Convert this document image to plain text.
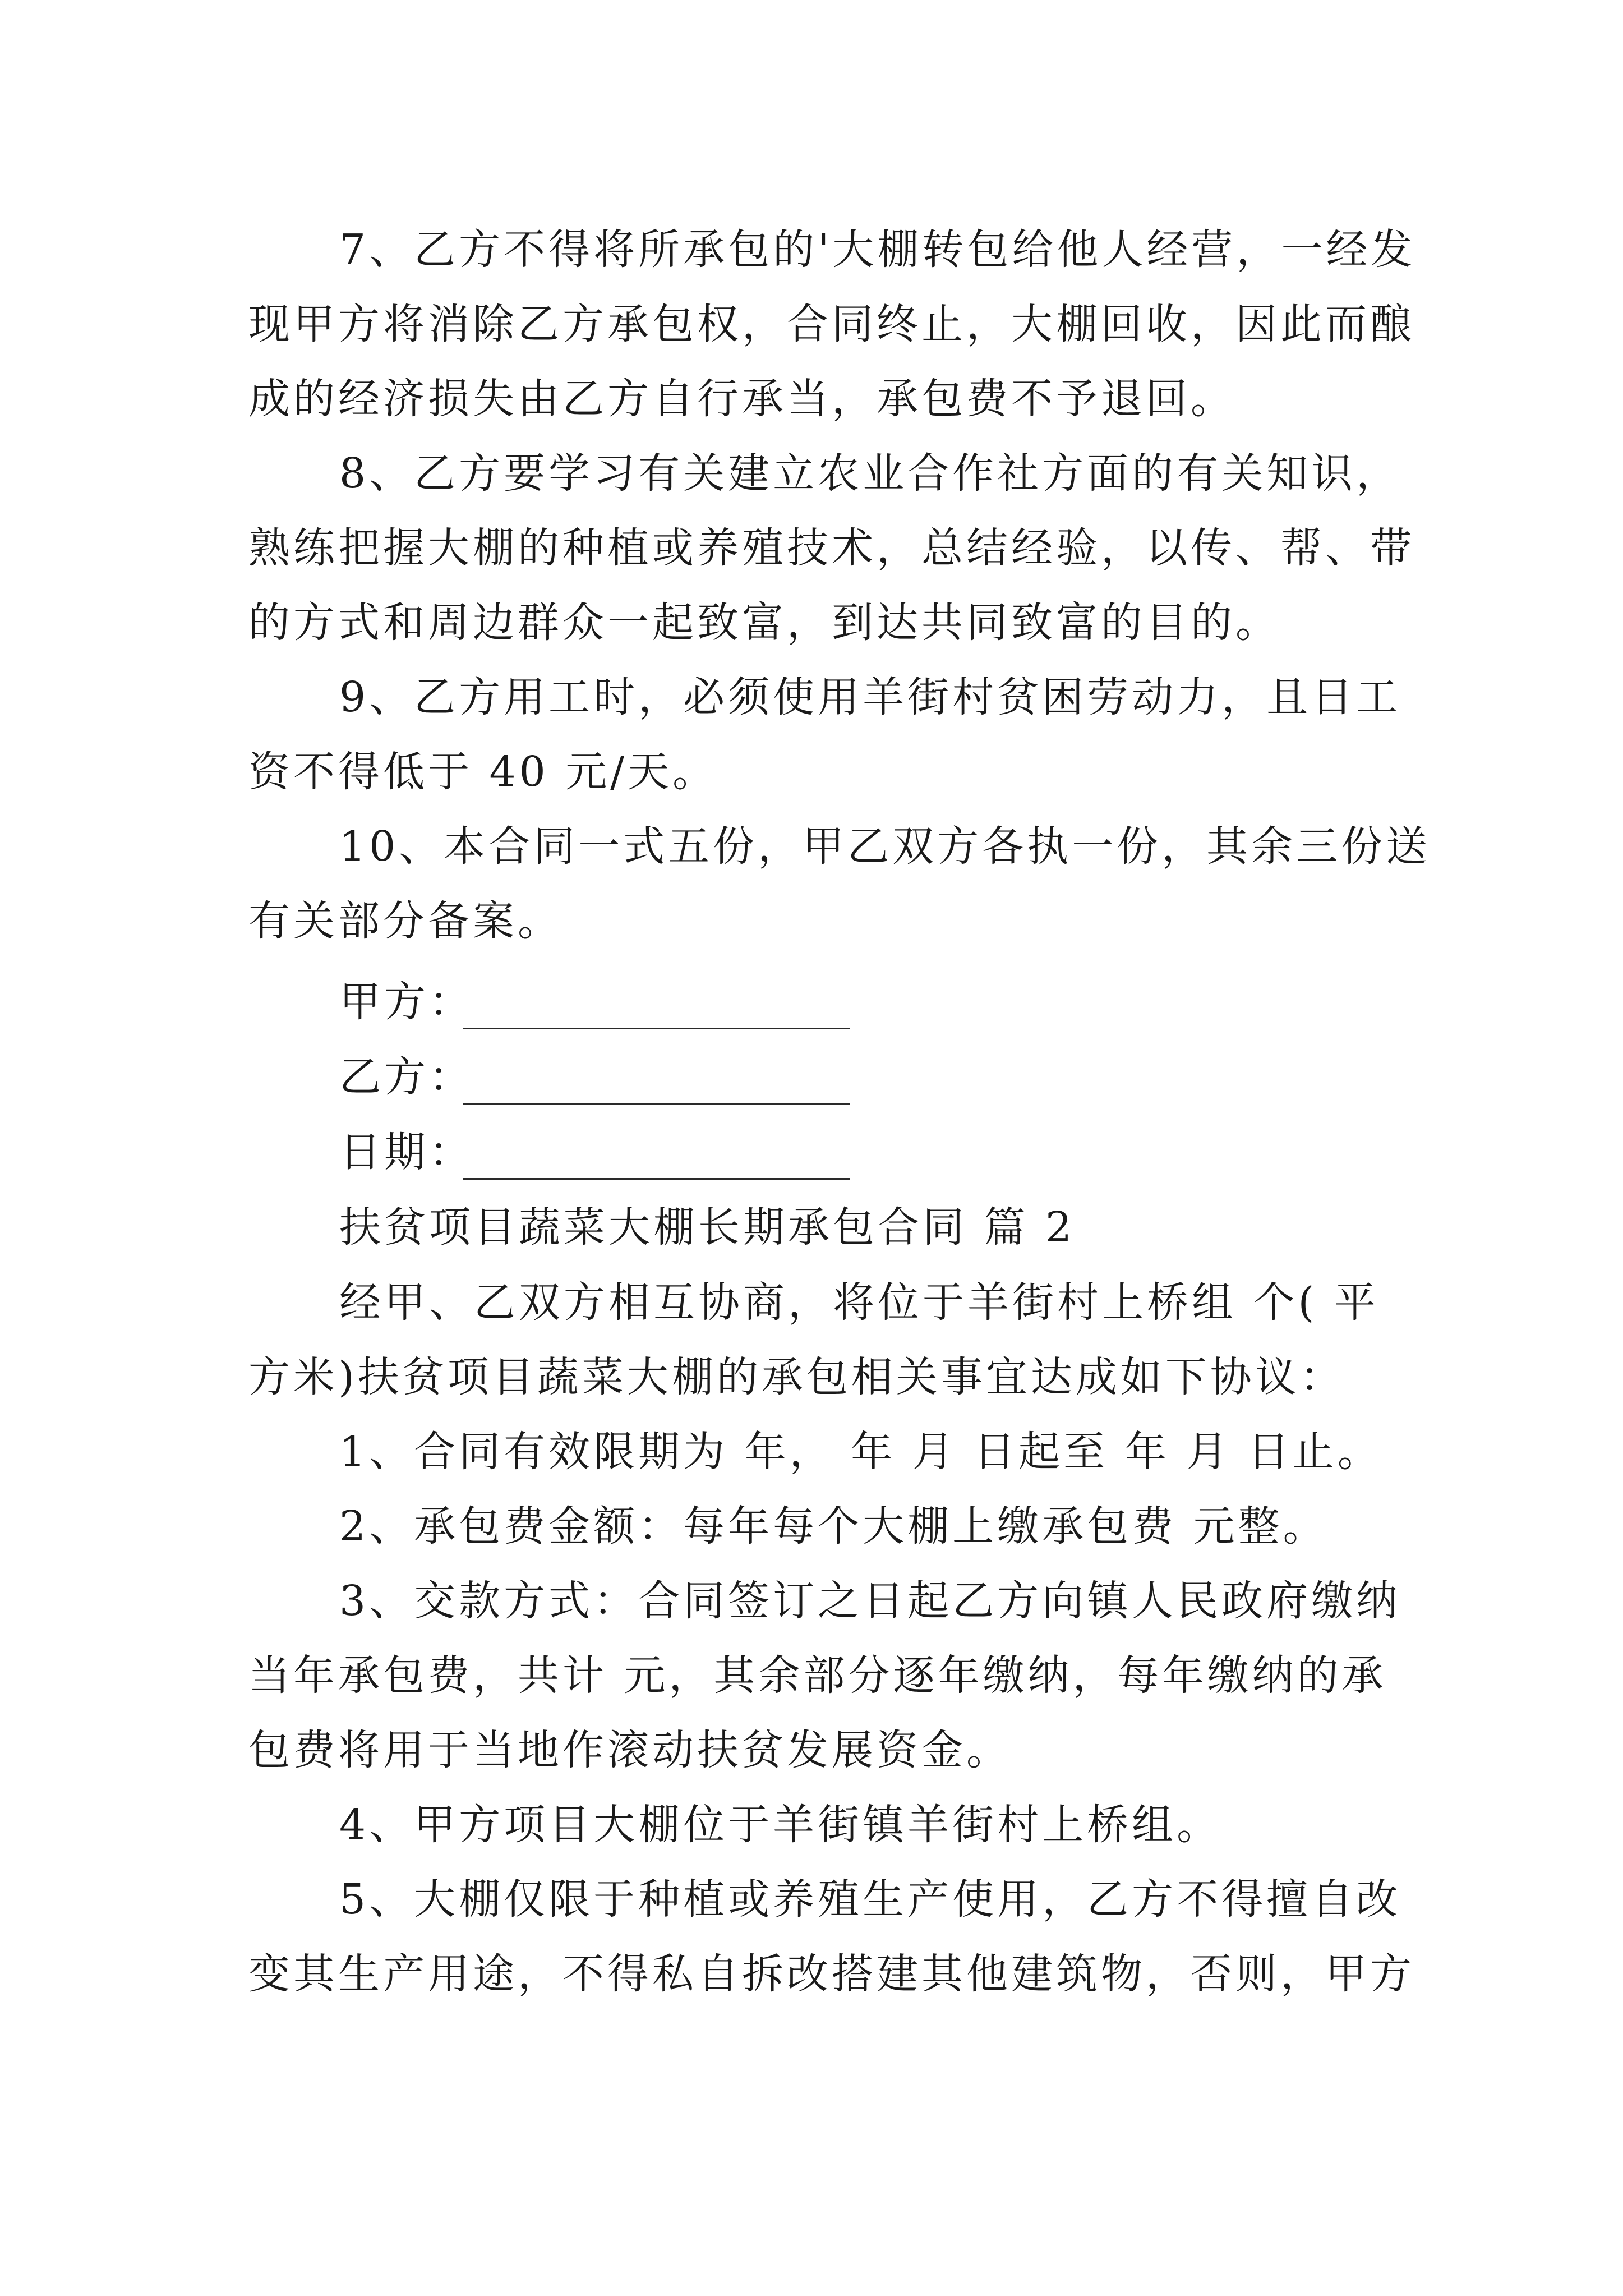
7、乙方不得将所承包的'大棚转包给他人经营，一经发
现甲方将消除乙方承包权，合同终止，大棚回收，因此而酿
成的经济损失由乙方自行承当，承包费不予退回。
8、乙方要学习有关建立农业合作社方面的有关知识，
熟练把握大棚的种植或养殖技术，总结经验，以传、帮、带
的方式和周边群众一起致富，到达共同致富的目的。
9、乙方用工时，必须使用羊街村贫困劳动力，且日工
资不得低于 40 元/天。
10、本合同一式五份，甲乙双方各执一份，其余三份送
有关部分备案。
甲方：
乙方：
日期：
扶贫项目蔬菜大棚长期承包合同 篇 2
经甲、乙双方相互协商，将位于羊街村上桥组 个( 平
方米)扶贫项目蔬菜大棚的承包相关事宜达成如下协议：
1、合同有效限期为 年， 年 月 日起至 年 月 日止。
2、承包费金额：每年每个大棚上缴承包费 元整。
3、交款方式：合同签订之日起乙方向镇人民政府缴纳
当年承包费，共计 元，其余部分逐年缴纳，每年缴纳的承
包费将用于当地作滚动扶贫发展资金。
4、甲方项目大棚位于羊街镇羊街村上桥组。
5、大棚仅限于种植或养殖生产使用，乙方不得擅自改
变其生产用途，不得私自拆改搭建其他建筑物，否则，甲方
